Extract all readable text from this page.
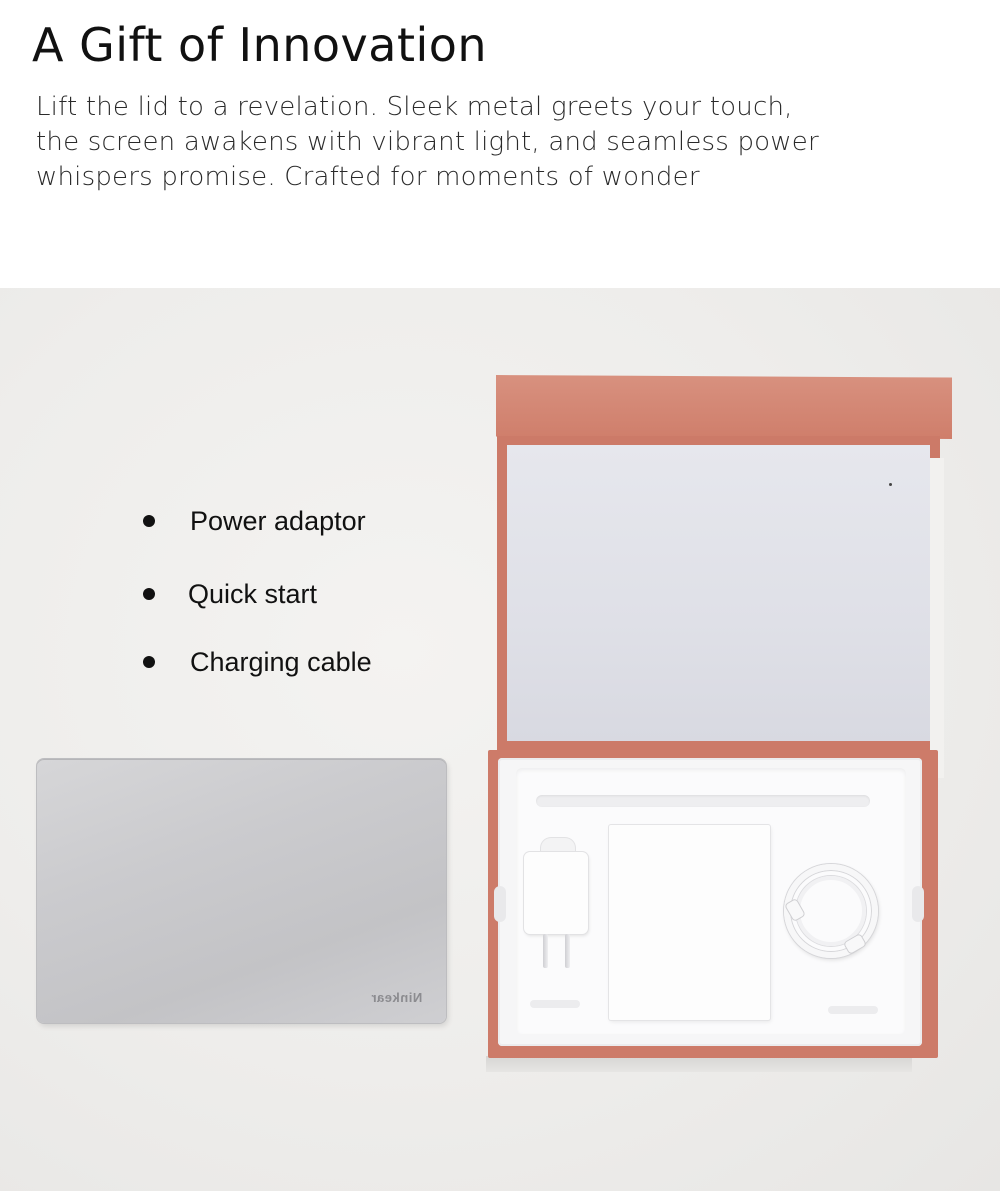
A Gift of Innovation

Lift the lid to a revelation. Sleek metal greets your touch,
the screen awakens with vibrant light, and seamless power
whispers promise. Crafted for moments of wonder

Power adaptor
Quick start
Charging cable
Ninkear
